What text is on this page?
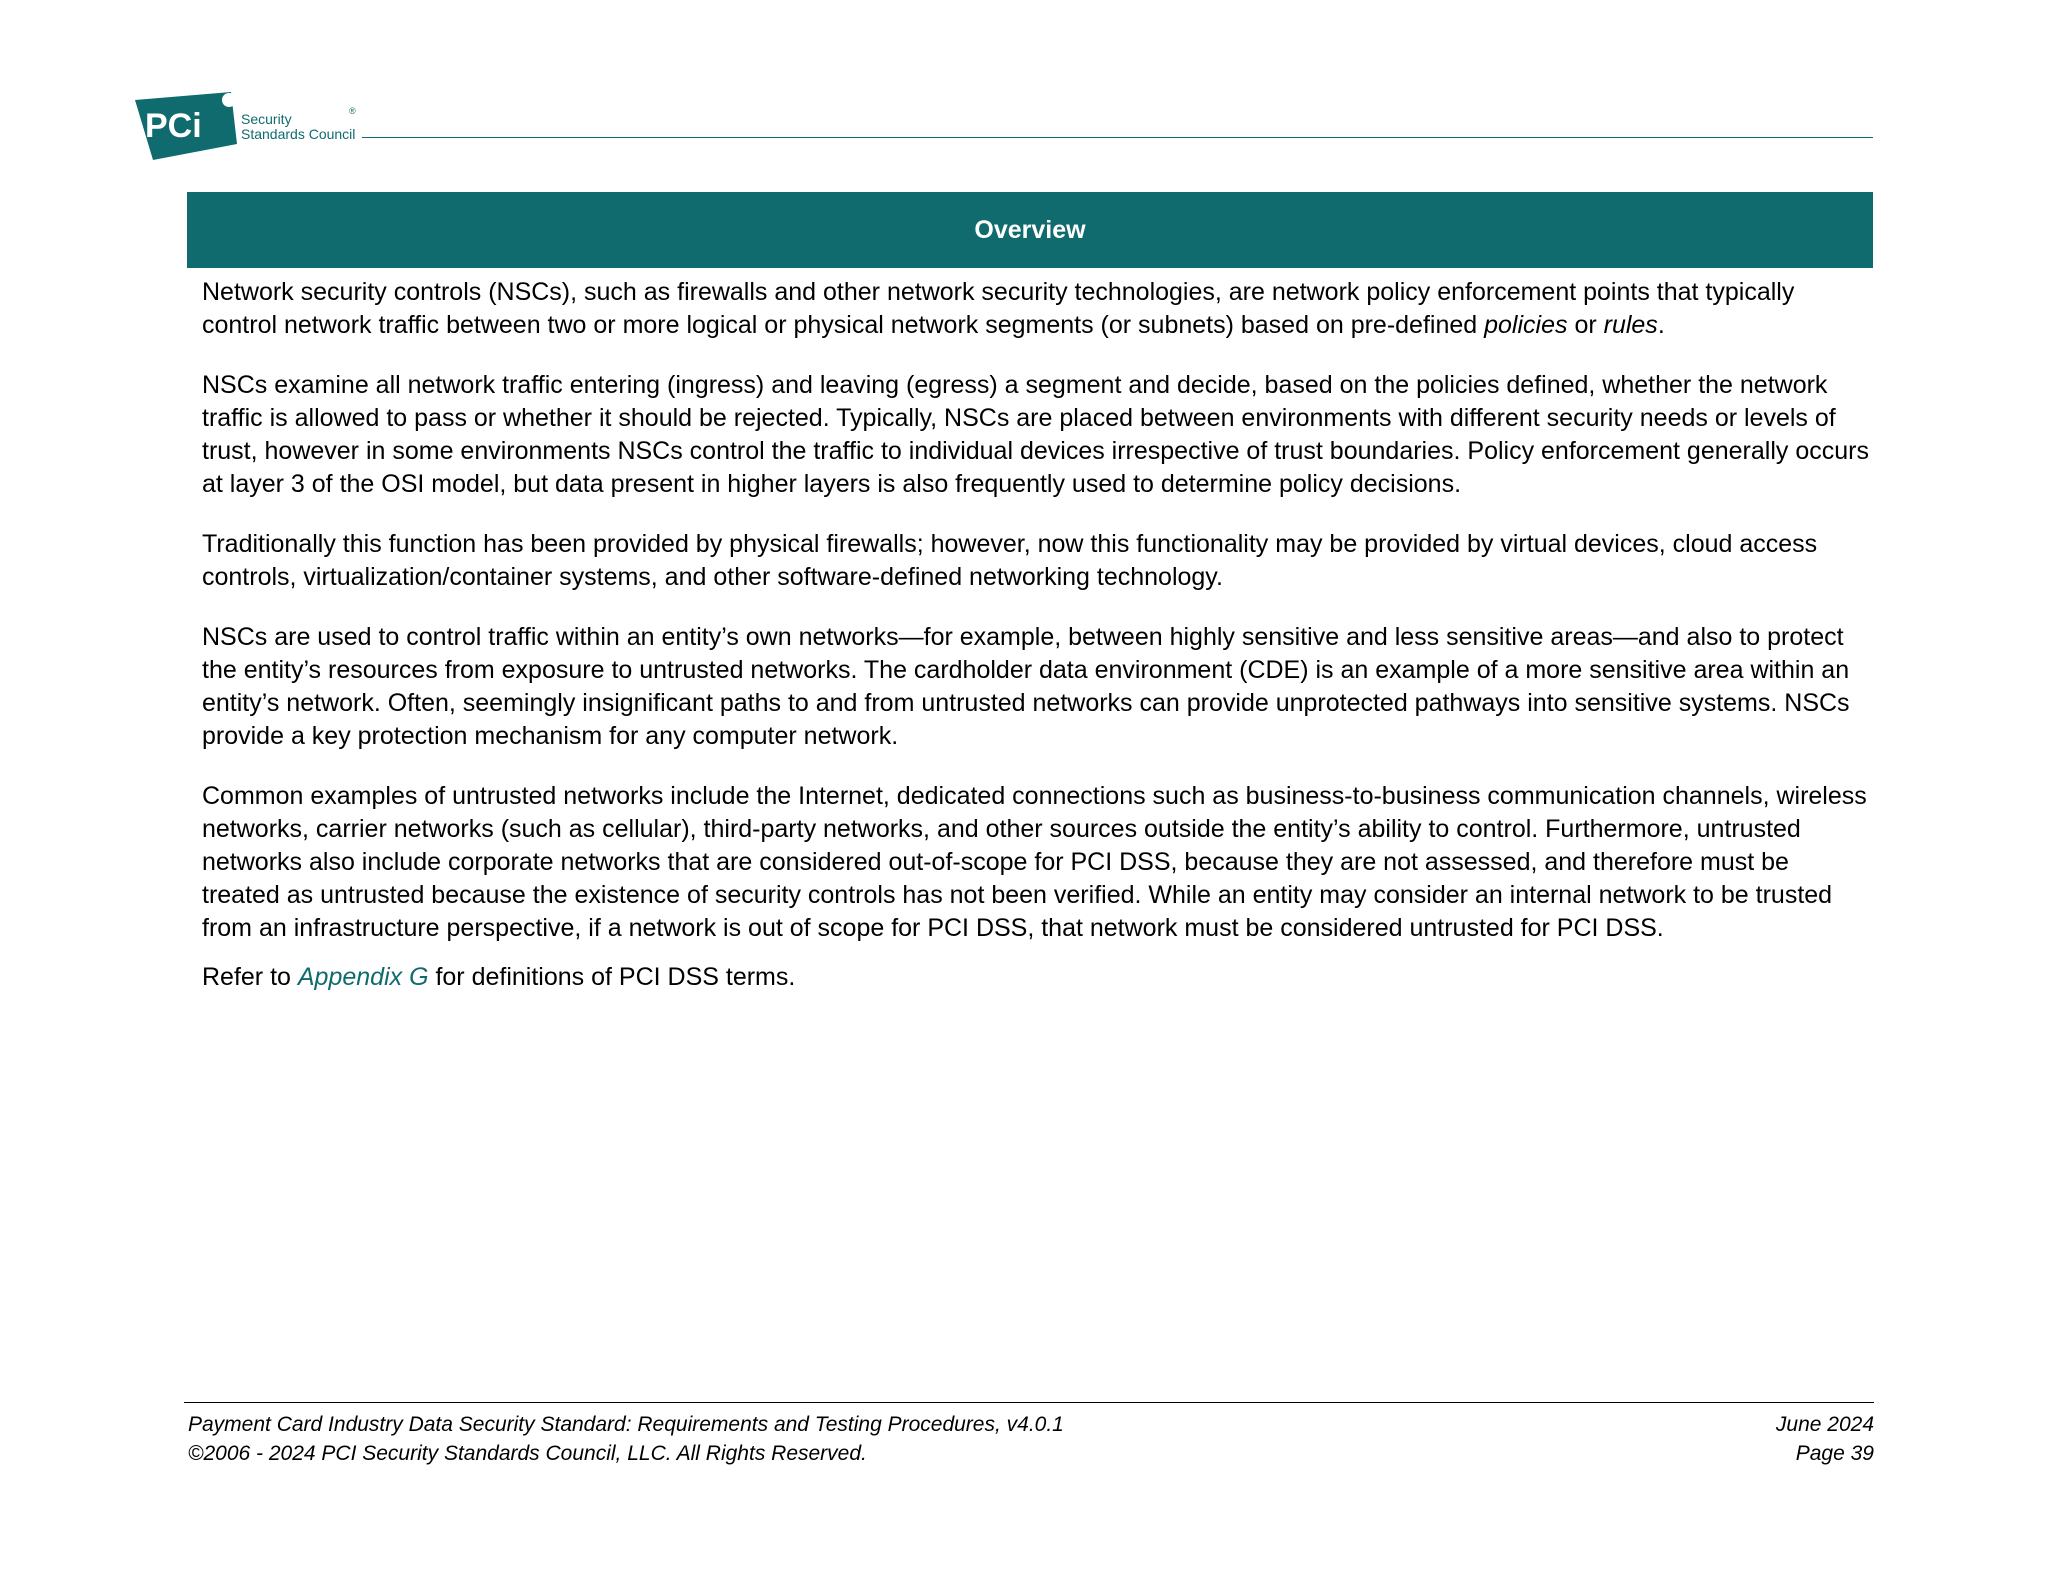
PCi	Security
Standards Council
®
Overview

Network security controls (NSCs), such as firewalls and other network security technologies, are network policy enforcement points that typically control network traffic between two or more logical or physical network segments (or subnets) based on pre-defined policies or rules.

NSCs examine all network traffic entering (ingress) and leaving (egress) a segment and decide, based on the policies defined, whether the network traffic is allowed to pass or whether it should be rejected. Typically, NSCs are placed between environments with different security needs or levels of trust, however in some environments NSCs control the traffic to individual devices irrespective of trust boundaries. Policy enforcement generally occurs at layer 3 of the OSI model, but data present in higher layers is also frequently used to determine policy decisions.

Traditionally this function has been provided by physical firewalls; however, now this functionality may be provided by virtual devices, cloud access controls, virtualization/container systems, and other software-defined networking technology.

NSCs are used to control traffic within an entity’s own networks—for example, between highly sensitive and less sensitive areas—and also to protect the entity’s resources from exposure to untrusted networks. The cardholder data environment (CDE) is an example of a more sensitive area within an entity’s network. Often, seemingly insignificant paths to and from untrusted networks can provide unprotected pathways into sensitive systems. NSCs provide a key protection mechanism for any computer network.

Common examples of untrusted networks include the Internet, dedicated connections such as business-to-business communication channels, wireless networks, carrier networks (such as cellular), third-party networks, and other sources outside the entity’s ability to control. Furthermore, untrusted networks also include corporate networks that are considered out-of-scope for PCI DSS, because they are not assessed, and therefore must be treated as untrusted because the existence of security controls has not been verified. While an entity may consider an internal network to be trusted from an infrastructure perspective, if a network is out of scope for PCI DSS, that network must be considered untrusted for PCI DSS.

Refer to Appendix G for definitions of PCI DSS terms.

Payment Card Industry Data Security Standard: Requirements and Testing Procedures, v4.0.1	June 2024
©2006 - 2024 PCI Security Standards Council, LLC. All Rights Reserved.	Page 39
